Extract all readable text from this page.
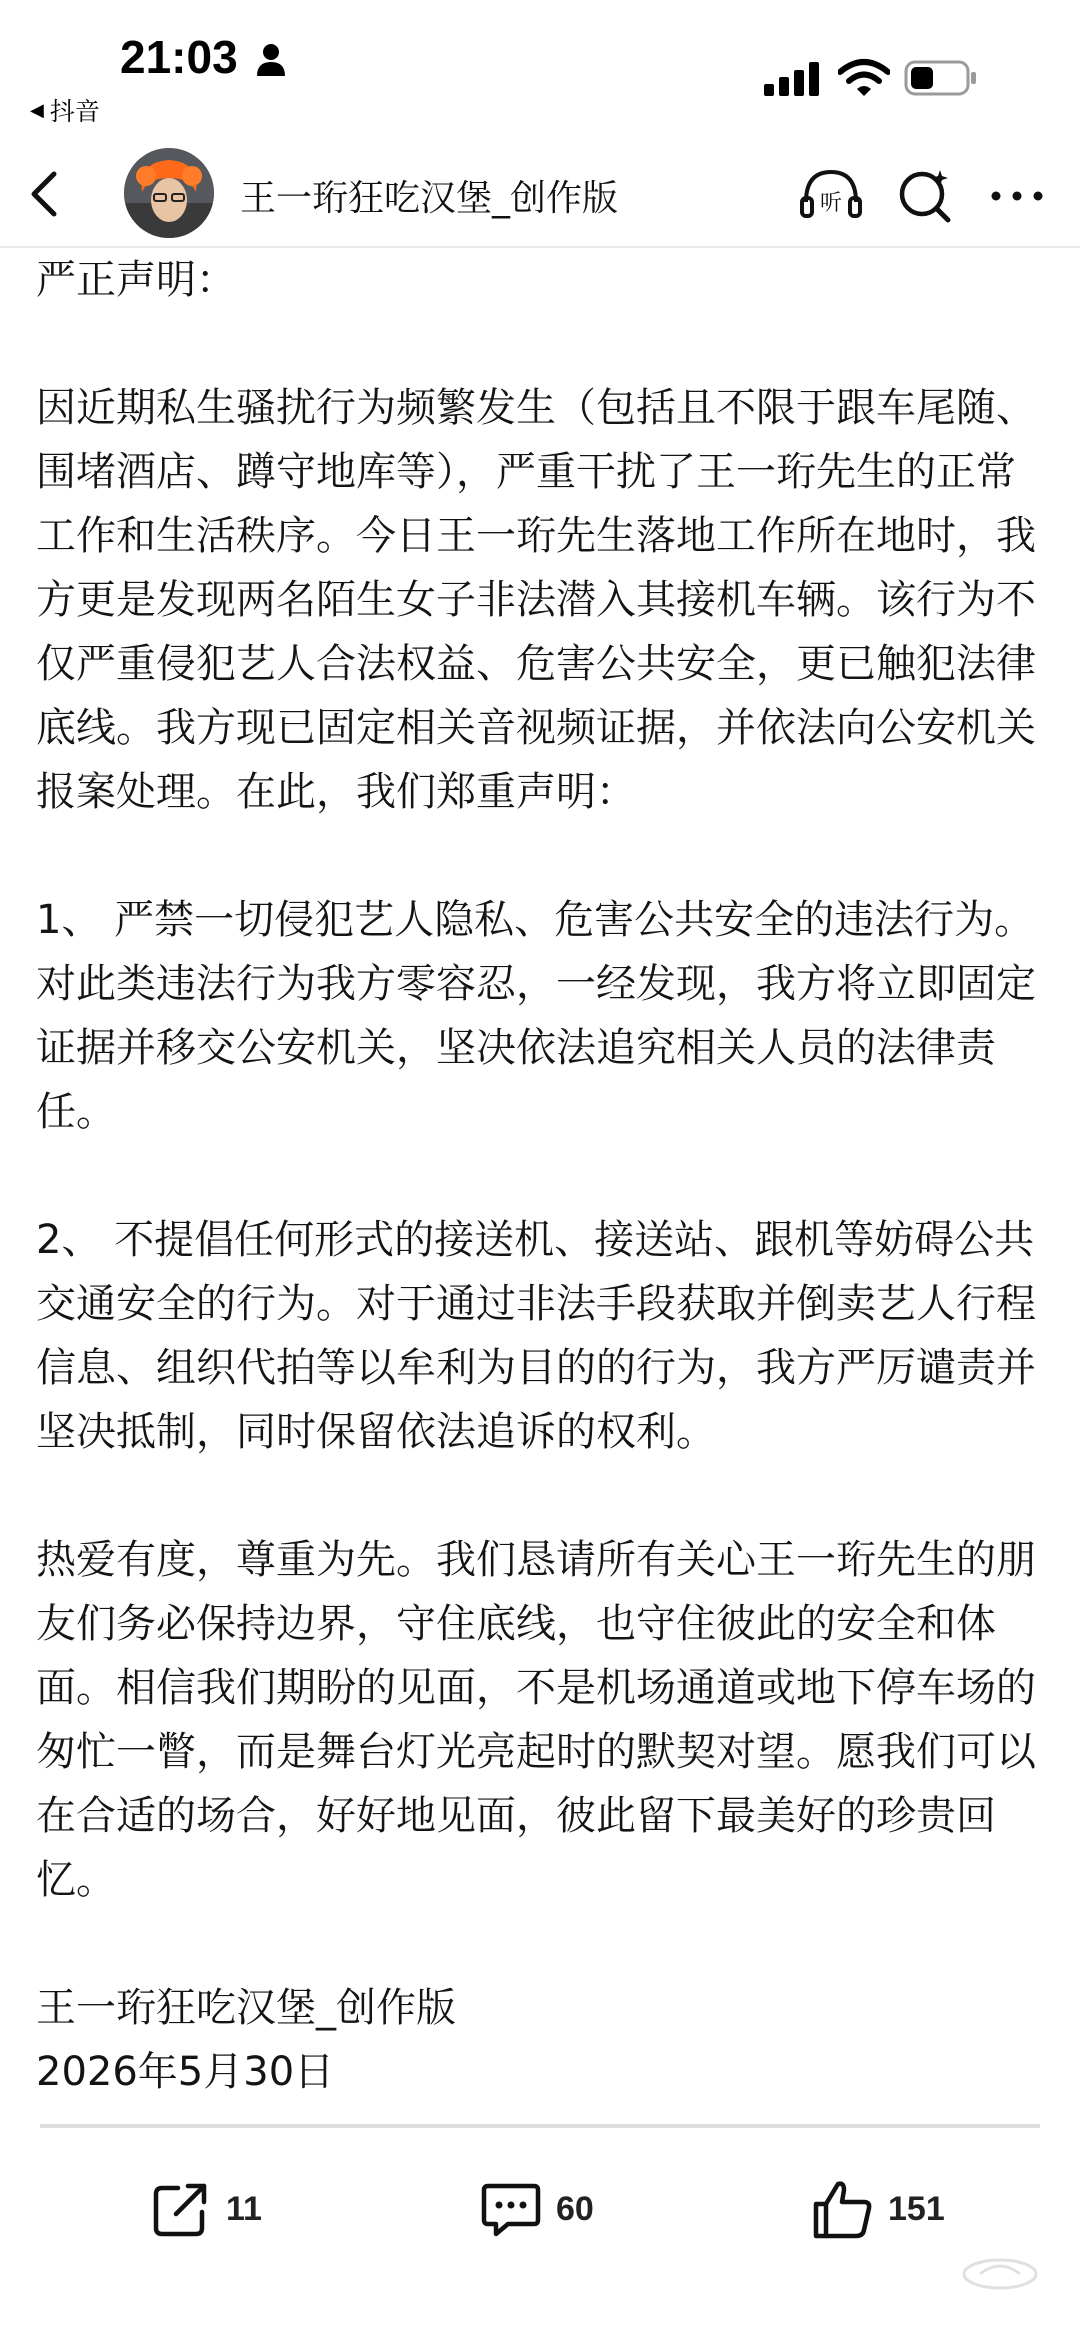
21:03
◀ 抖音
王一珩狂吃汉堡_创作版	听

严正声明：

因近期私生骚扰行为频繁发生（包括且不限于跟车尾随、围堵酒店、蹲守地库等），严重干扰了王一珩先生的正常工作和生活秩序。今日王一珩先生落地工作所在地时，我方更是发现两名陌生女子非法潜入其接机车辆。该行为不仅严重侵犯艺人合法权益、危害公共安全，更已触犯法律底线。我方现已固定相关音视频证据，并依法向公安机关报案处理。在此，我们郑重声明：

1、 严禁一切侵犯艺人隐私、危害公共安全的违法行为。对此类违法行为我方零容忍，一经发现，我方将立即固定证据并移交公安机关，坚决依法追究相关人员的法律责任。

2、 不提倡任何形式的接送机、接送站、跟机等妨碍公共交通安全的行为。对于通过非法手段获取并倒卖艺人行程信息、组织代拍等以牟利为目的的行为，我方严厉谴责并坚决抵制，同时保留依法追诉的权利。

热爱有度，尊重为先。我们恳请所有关心王一珩先生的朋友们务必保持边界，守住底线，也守住彼此的安全和体面。相信我们期盼的见面，不是机场通道或地下停车场的匆忙一瞥，而是舞台灯光亮起时的默契对望。愿我们可以在合适的场合，好好地见面，彼此留下最美好的珍贵回忆。

王一珩狂吃汉堡_创作版

2026年5月30日

11	60	151
